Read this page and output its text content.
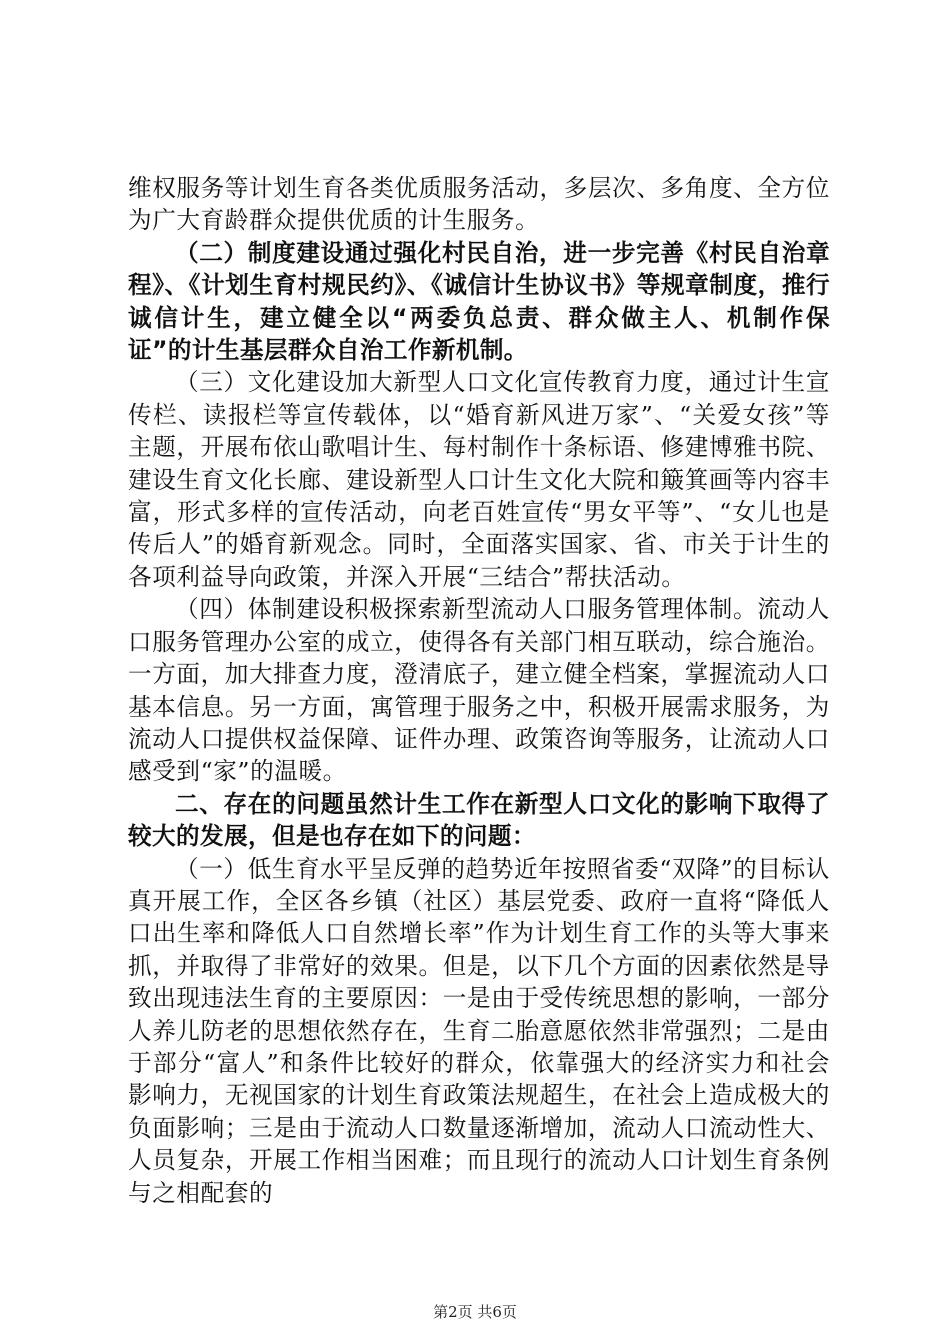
维权服务等计划生育各类优质服务活动，多层次、多角度、全方位为广大育龄群众提供优质的计生服务。

（二）制度建设通过强化村民自治，进一步完善《村民自治章程》、《计划生育村规民约》、《诚信计生协议书》等规章制度，推行诚信计生，建立健全以“两委负总责、群众做主人、机制作保证”的计生基层群众自治工作新机制。

（三）文化建设加大新型人口文化宣传教育力度，通过计生宣传栏、读报栏等宣传载体，以“婚育新风进万家”、“关爱女孩”等主题，开展布依山歌唱计生、每村制作十条标语、修建博雅书院、建设生育文化长廊、建设新型人口计生文化大院和簸箕画等内容丰富，形式多样的宣传活动，向老百姓宣传“男女平等”、“女儿也是传后人”的婚育新观念。同时，全面落实国家、省、市关于计生的各项利益导向政策，并深入开展“三结合”帮扶活动。

（四）体制建设积极探索新型流动人口服务管理体制。流动人口服务管理办公室的成立，使得各有关部门相互联动，综合施治。一方面，加大排查力度，澄清底子，建立健全档案，掌握流动人口基本信息。另一方面，寓管理于服务之中，积极开展需求服务，为流动人口提供权益保障、证件办理、政策咨询等服务，让流动人口感受到“家”的温暖。

二、存在的问题虽然计生工作在新型人口文化的影响下取得了较大的发展，但是也存在如下的问题：

（一）低生育水平呈反弹的趋势近年按照省委“双降”的目标认真开展工作，全区各乡镇（社区）基层党委、政府一直将“降低人口出生率和降低人口自然增长率”作为计划生育工作的头等大事来抓，并取得了非常好的效果。但是，以下几个方面的因素依然是导致出现违法生育的主要原因：一是由于受传统思想的影响，一部分人养儿防老的思想依然存在，生育二胎意愿依然非常强烈；二是由于部分“富人”和条件比较好的群众，依靠强大的经济实力和社会影响力，无视国家的计划生育政策法规超生，在社会上造成极大的负面影响；三是由于流动人口数量逐渐增加，流动人口流动性大、人员复杂，开展工作相当困难；而且现行的流动人口计划生育条例与之相配套的

第2页 共6页
